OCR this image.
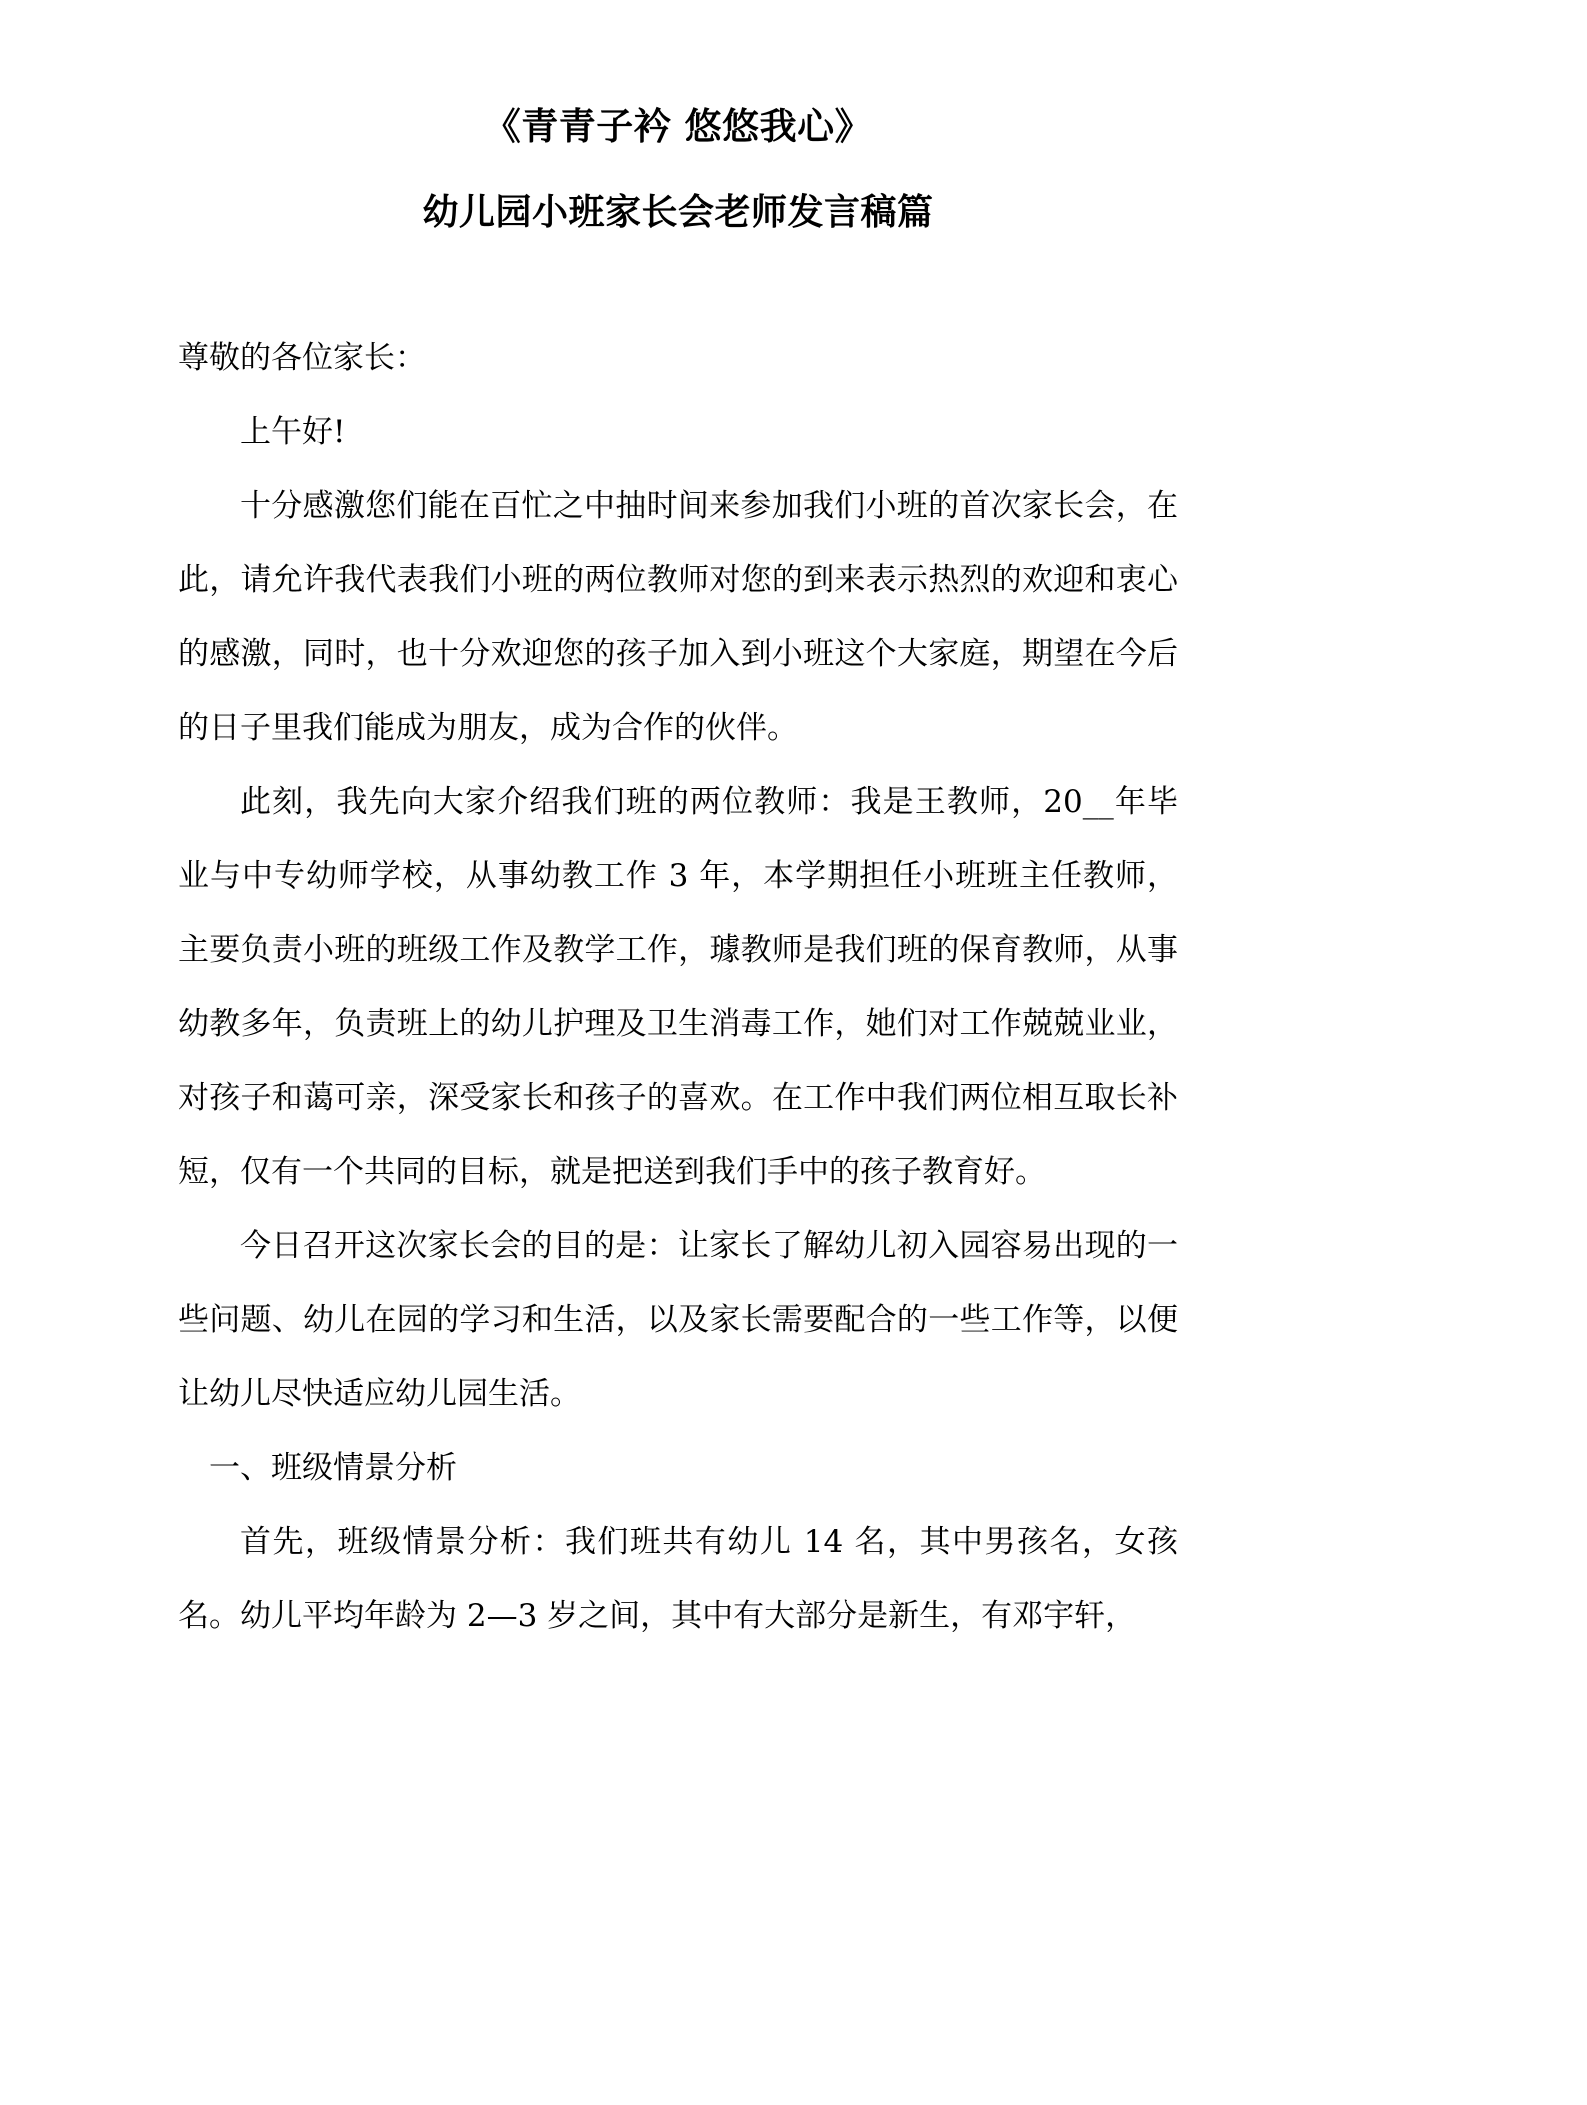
《青青子衿 悠悠我心》
幼儿园小班家长会老师发言稿篇

尊敬的各位家长：

上午好!

十分感激您们能在百忙之中抽时间来参加我们小班的首次家长会，在此，请允许我代表我们小班的两位教师对您的到来表示热烈的欢迎和衷心的感激，同时，也十分欢迎您的孩子加入到小班这个大家庭，期望在今后的日子里我们能成为朋友，成为合作的伙伴。

此刻，我先向大家介绍我们班的两位教师：我是王教师，20__年毕业与中专幼师学校，从事幼教工作 3 年，本学期担任小班班主任教师，主要负责小班的班级工作及教学工作，璩教师是我们班的保育教师，从事幼教多年，负责班上的幼儿护理及卫生消毒工作，她们对工作兢兢业业，对孩子和蔼可亲，深受家长和孩子的喜欢。在工作中我们两位相互取长补短，仅有一个共同的目标，就是把送到我们手中的孩子教育好。

今日召开这次家长会的目的是：让家长了解幼儿初入园容易出现的一些问题、幼儿在园的学习和生活，以及家长需要配合的一些工作等，以便让幼儿尽快适应幼儿园生活。

一、班级情景分析

首先，班级情景分析：我们班共有幼儿 14 名，其中男孩名，女孩名。幼儿平均年龄为 2—3 岁之间，其中有大部分是新生，有邓宇轩，
